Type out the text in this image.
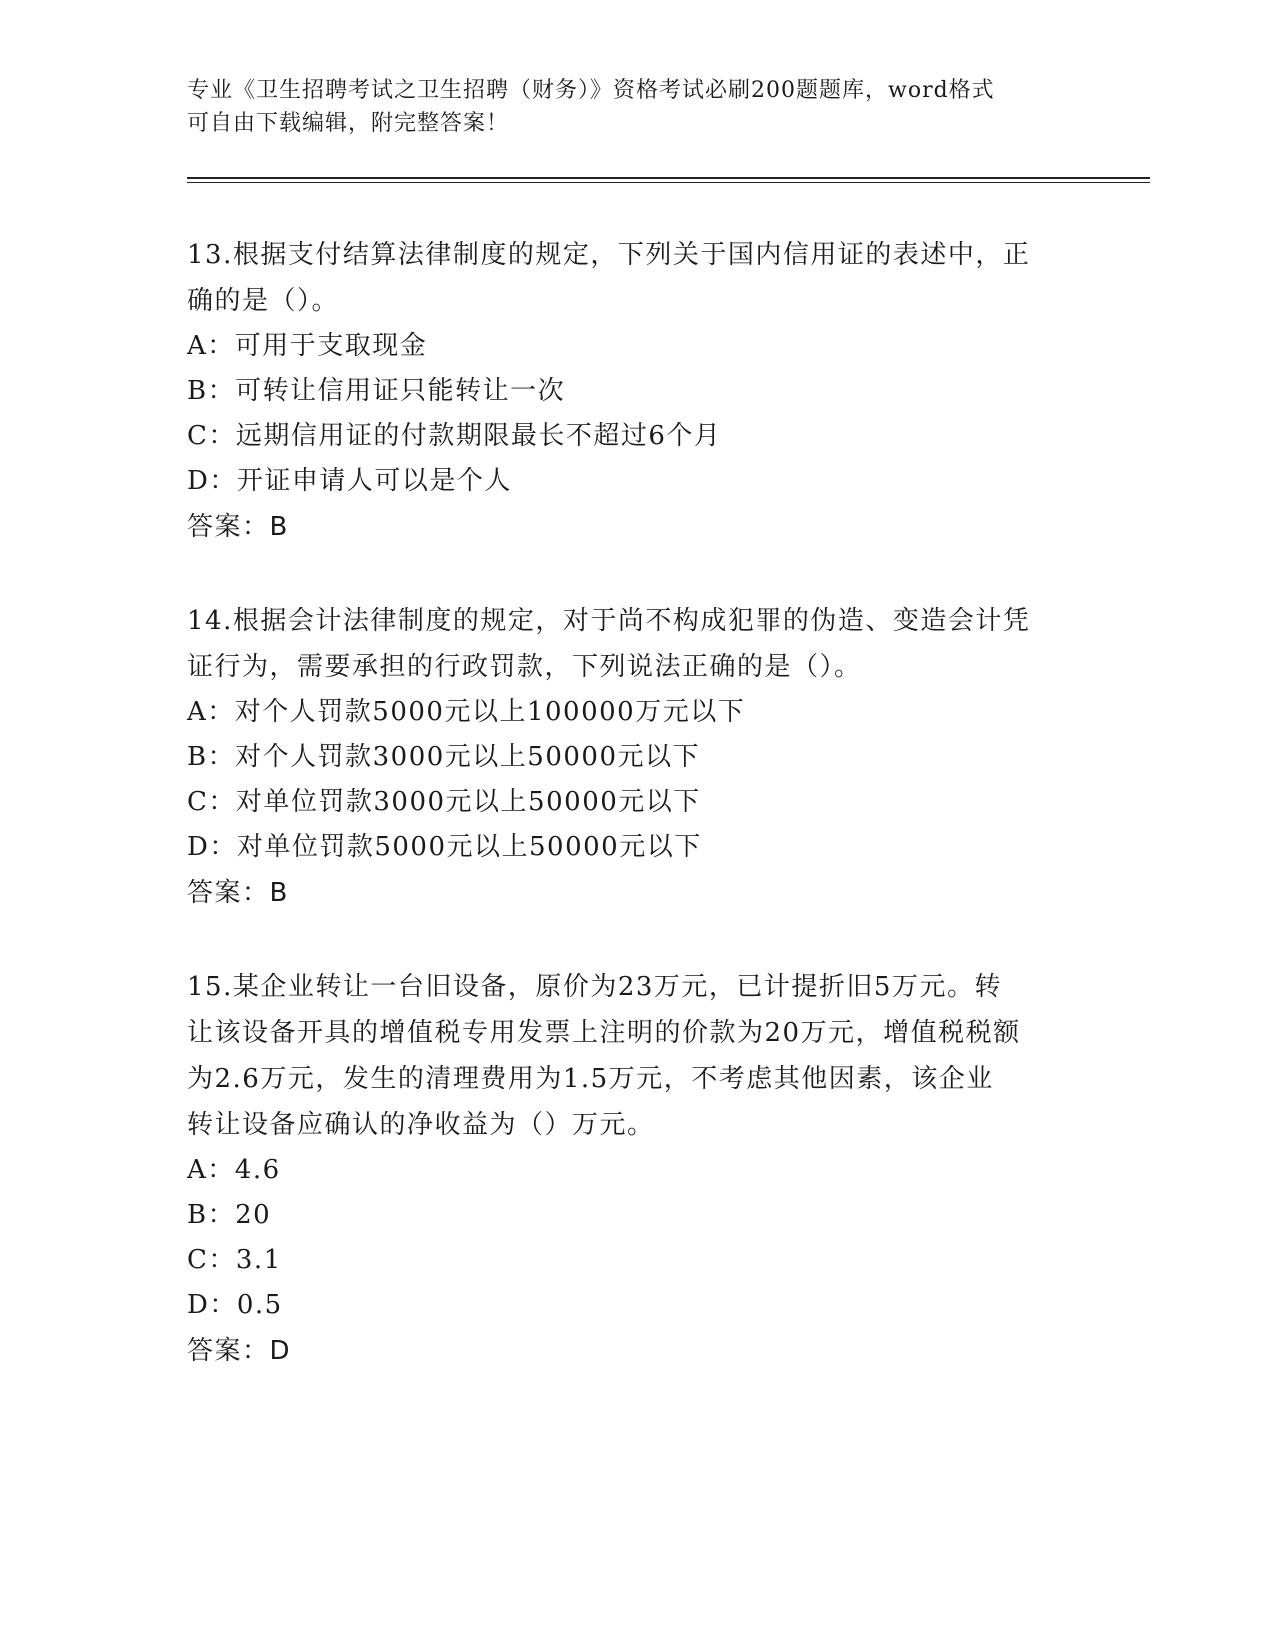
专业《卫生招聘考试之卫生招聘（财务）》资格考试必刷200题题库，word格式
可自由下载编辑，附完整答案！
13.根据支付结算法律制度的规定，下列关于国内信用证的表述中，正
确的是（）。
A：可用于支取现金
B：可转让信用证只能转让一次
C：远期信用证的付款期限最长不超过6个月
D：开证申请人可以是个人
答案：B
14.根据会计法律制度的规定，对于尚不构成犯罪的伪造、变造会计凭
证行为，需要承担的行政罚款，下列说法正确的是（）。
A：对个人罚款5000元以上100000万元以下
B：对个人罚款3000元以上50000元以下
C：对单位罚款3000元以上50000元以下
D：对单位罚款5000元以上50000元以下
答案：B
15.某企业转让一台旧设备，原价为23万元，已计提折旧5万元。转
让该设备开具的增值税专用发票上注明的价款为20万元，增值税税额
为2.6万元，发生的清理费用为1.5万元，不考虑其他因素，该企业
转让设备应确认的净收益为（）万元。
A：4.6
B：20
C：3.1
D：0.5
答案：D
